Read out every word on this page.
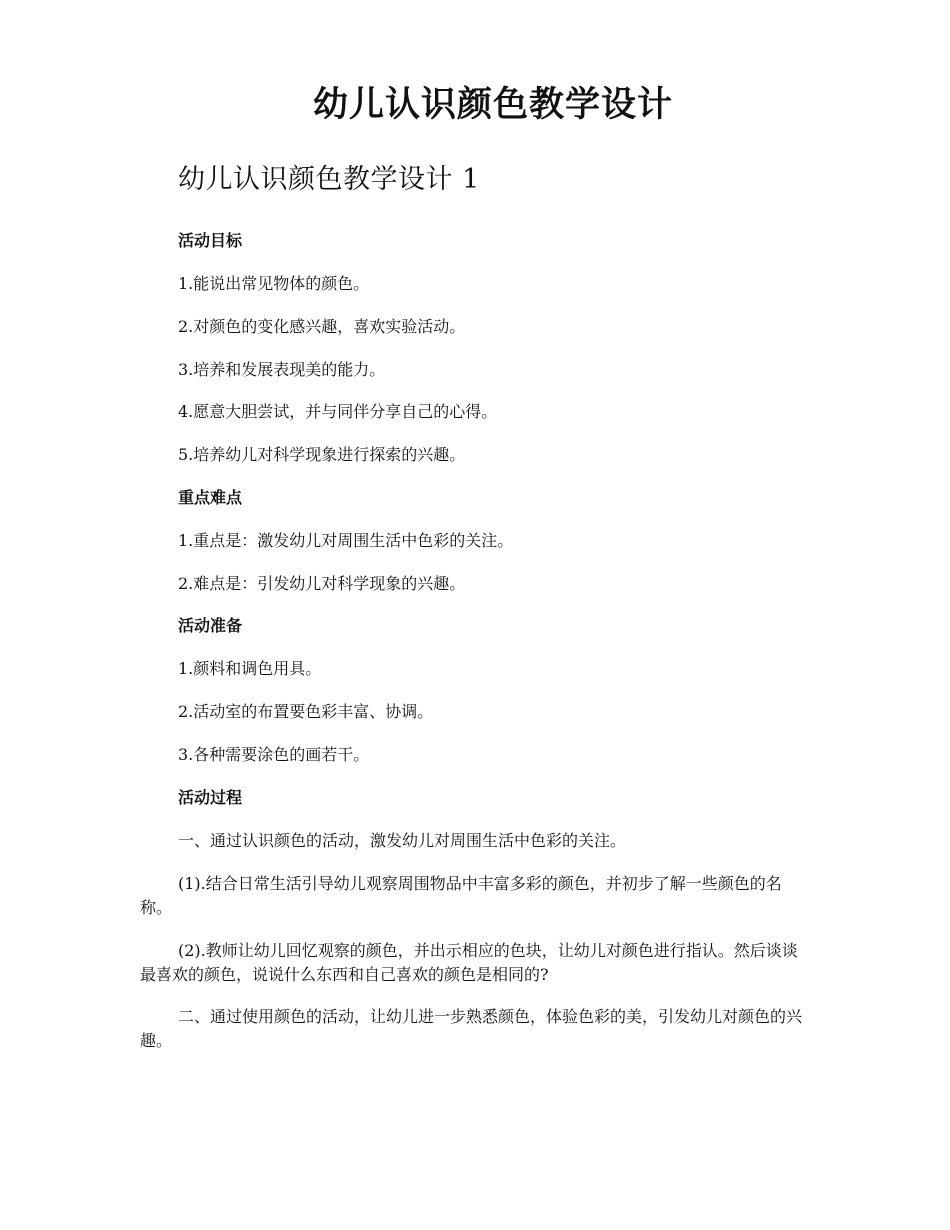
幼儿认识颜色教学设计
幼儿认识颜色教学设计 1

活动目标

1.能说出常见物体的颜色。

2.对颜色的变化感兴趣，喜欢实验活动。

3.培养和发展表现美的能力。

4.愿意大胆尝试，并与同伴分享自己的心得。

5.培养幼儿对科学现象进行探索的兴趣。

重点难点

1.重点是：激发幼儿对周围生活中色彩的关注。

2.难点是：引发幼儿对科学现象的兴趣。

活动准备

1.颜料和调色用具。

2.活动室的布置要色彩丰富、协调。

3.各种需要涂色的画若干。

活动过程

一、通过认识颜色的活动，激发幼儿对周围生活中色彩的关注。

(1).结合日常生活引导幼儿观察周围物品中丰富多彩的颜色，并初步了解一些颜色的名称。

(2).教师让幼儿回忆观察的颜色，并出示相应的色块，让幼儿对颜色进行指认。然后谈谈最喜欢的颜色，说说什么东西和自己喜欢的颜色是相同的?

二、通过使用颜色的活动，让幼儿进一步熟悉颜色，体验色彩的美，引发幼儿对颜色的兴趣。
